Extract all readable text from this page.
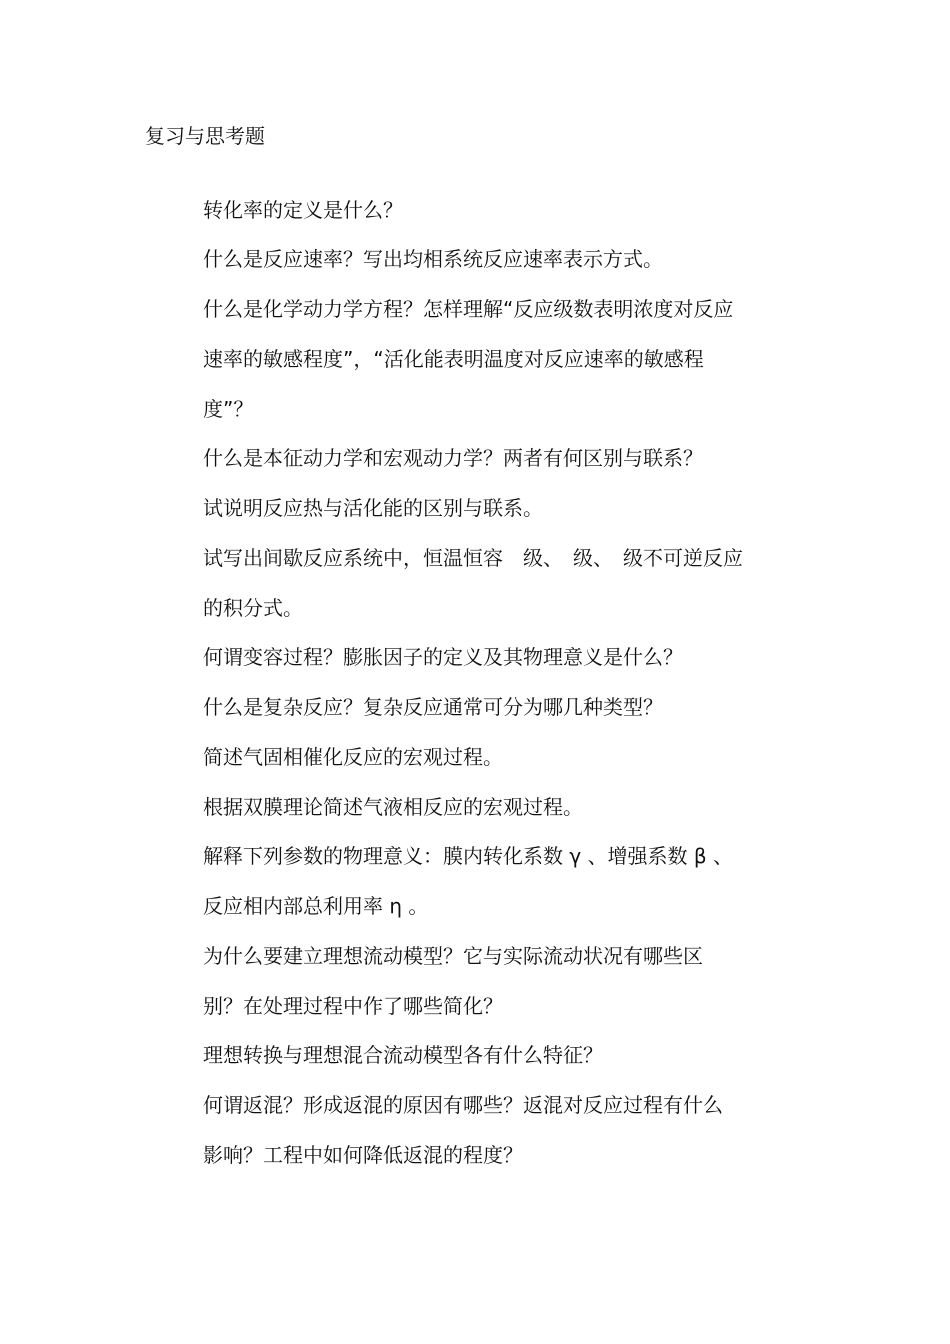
复习与思考题
转化率的定义是什么？
什么是反应速率？写出均相系统反应速率表示方式。
什么是化学动力学方程？怎样理解“反应级数表明浓度对反应
速率的敏感程度”，“活化能表明温度对反应速率的敏感程
度”？
什么是本征动力学和宏观动力学？两者有何区别与联系？
试说明反应热与活化能的区别与联系。
试写出间歇反应系统中，恒温恒容　级、　级、　级不可逆反应
的积分式。
何谓变容过程？膨胀因子的定义及其物理意义是什么？
什么是复杂反应？复杂反应通常可分为哪几种类型？
简述气固相催化反应的宏观过程。
根据双膜理论简述气液相反应的宏观过程。
解释下列参数的物理意义：膜内转化系数 γ 、增强系数 β 、
反应相内部总利用率 η 。
为什么要建立理想流动模型？它与实际流动状况有哪些区
别？在处理过程中作了哪些简化？
理想转换与理想混合流动模型各有什么特征？
何谓返混？形成返混的原因有哪些？返混对反应过程有什么
影响？工程中如何降低返混的程度？
